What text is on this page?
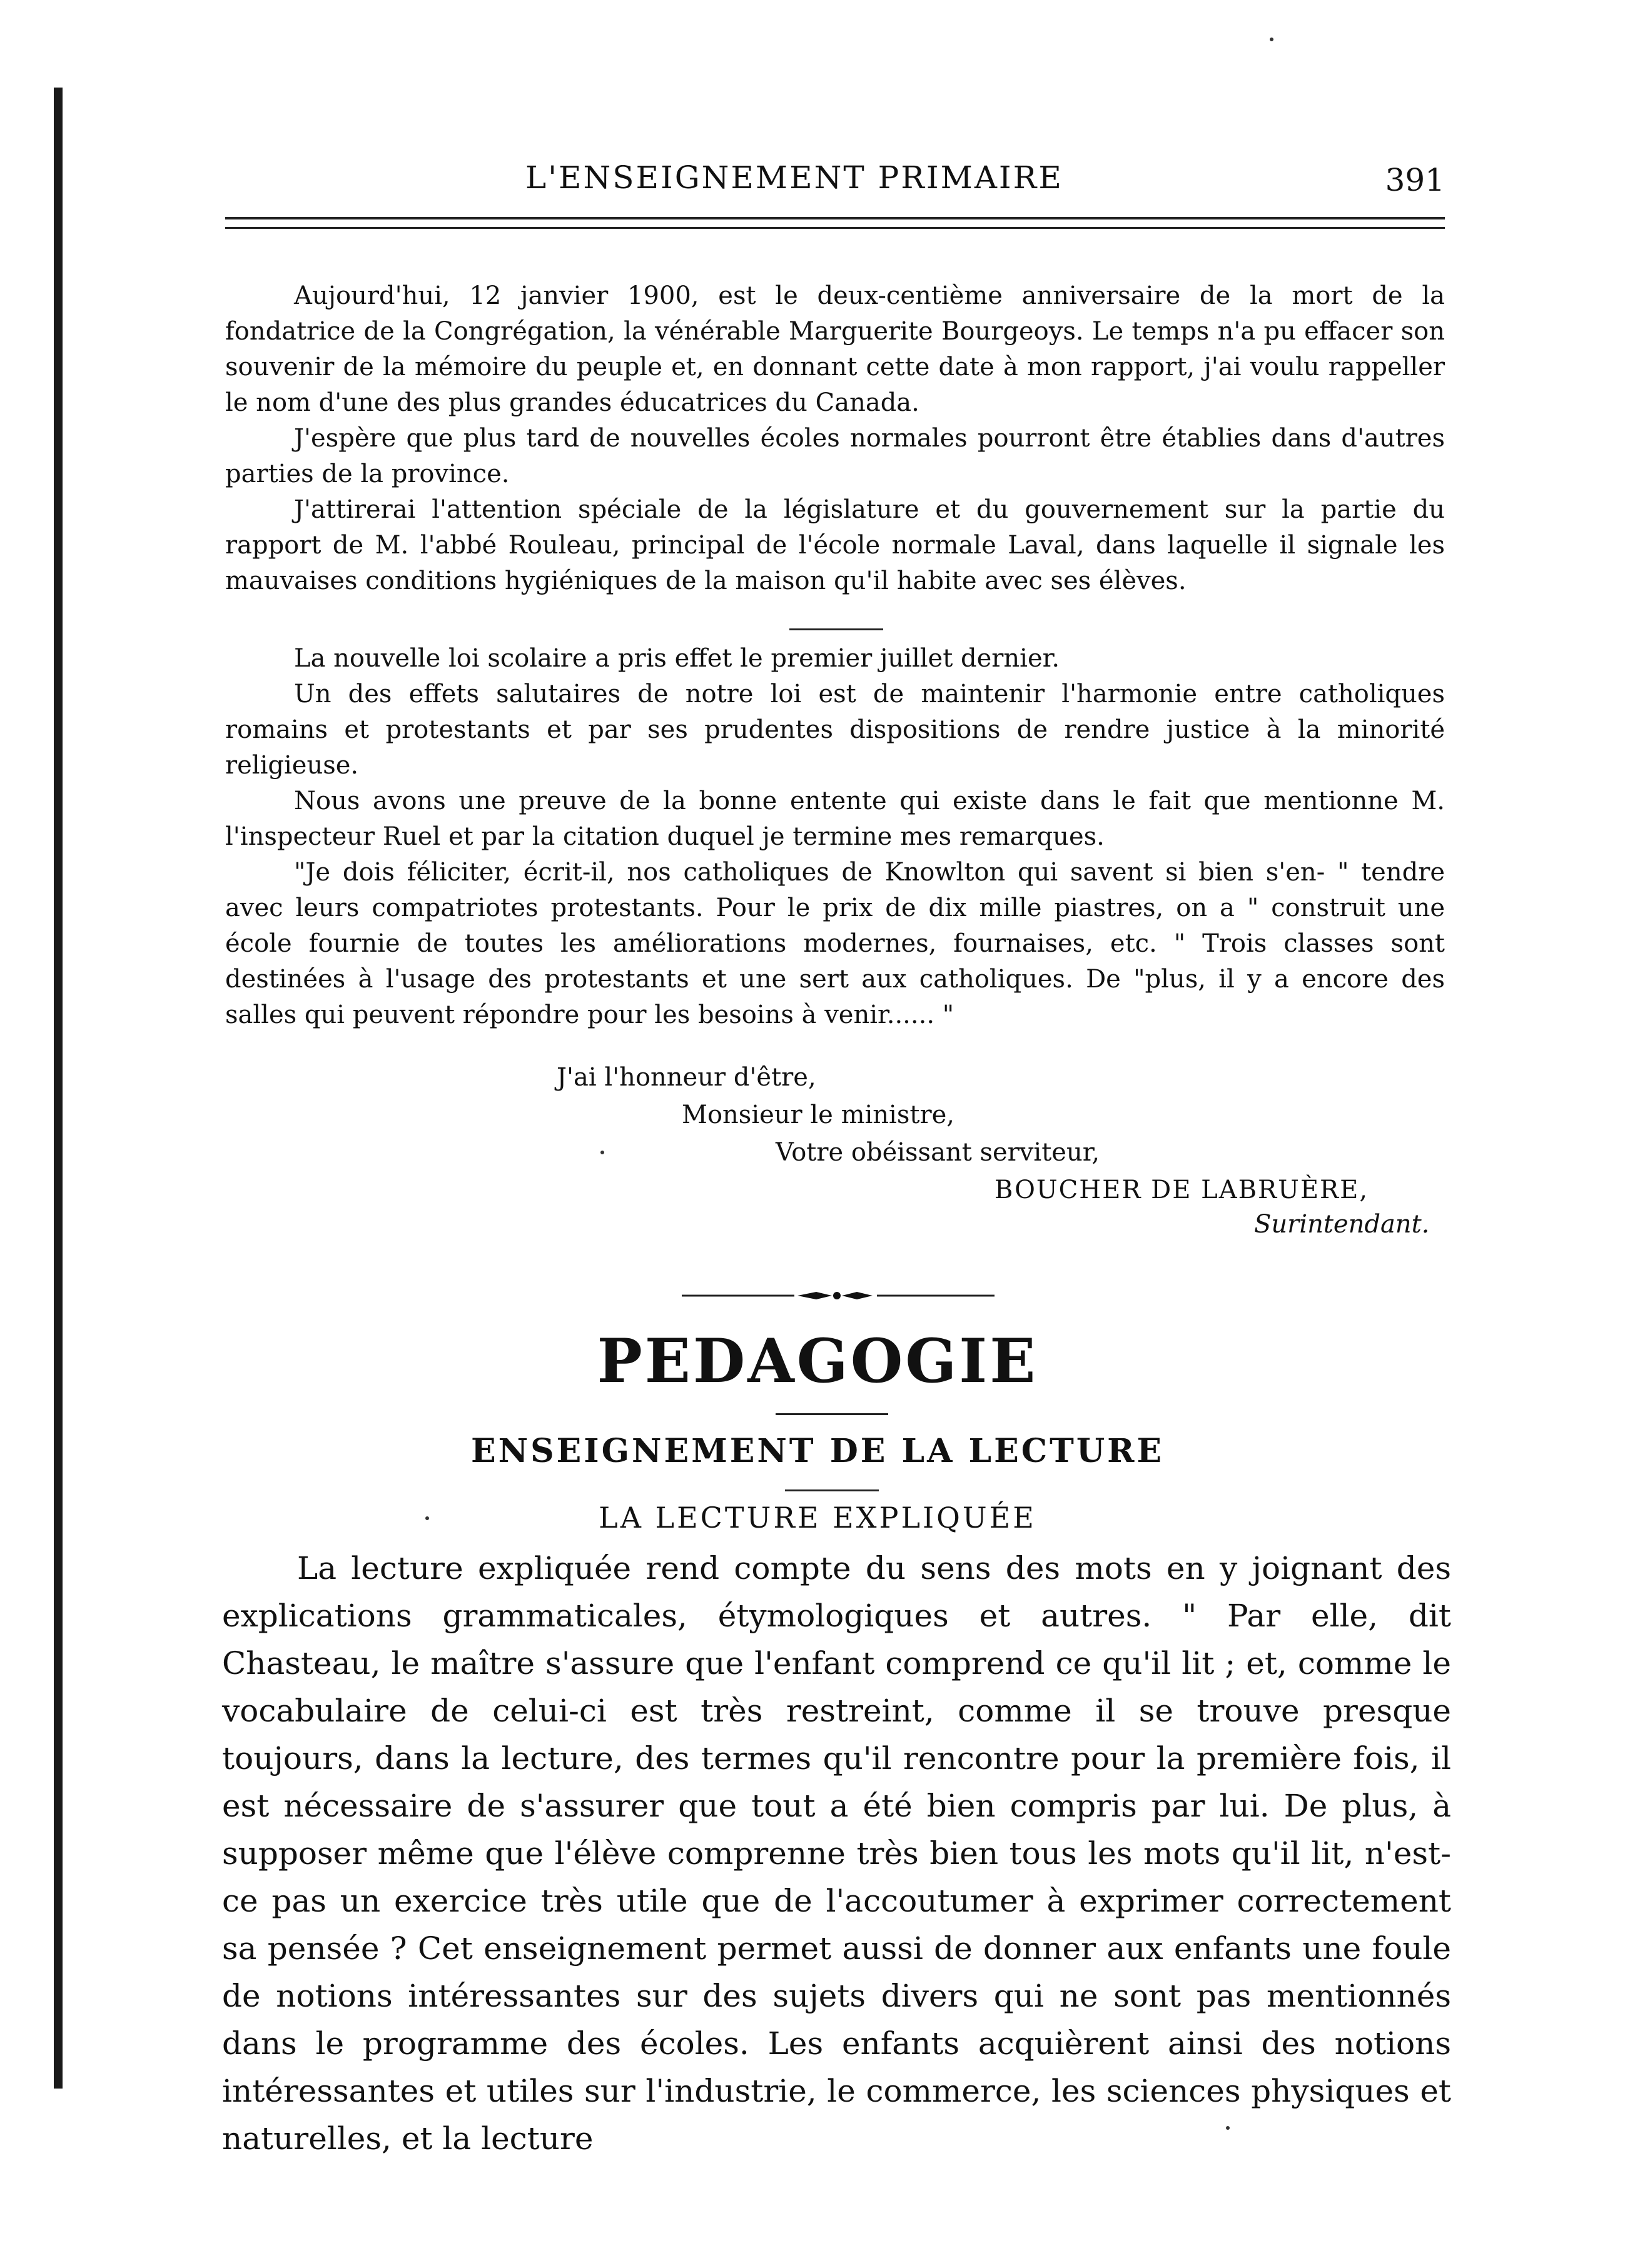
L'ENSEIGNEMENT PRIMAIRE	391

Aujourd'hui, 12 janvier 1900, est le deux-centième anniversaire de la mort de la fondatrice de la Congrégation, la vénérable Marguerite Bourgeoys. Le temps n'a pu effacer son souvenir de la mémoire du peuple et, en donnant cette date à mon rapport, j'ai voulu rappeller le nom d'une des plus grandes éducatrices du Canada.

J'espère que plus tard de nouvelles écoles normales pourront être établies dans d'autres parties de la province.

J'attirerai l'attention spéciale de la législature et du gouvernement sur la partie du rapport de M. l'abbé Rouleau, principal de l'école normale Laval, dans laquelle il signale les mauvaises conditions hygiéniques de la maison qu'il habite avec ses élèves.

La nouvelle loi scolaire a pris effet le premier juillet dernier.

Un des effets salutaires de notre loi est de maintenir l'harmonie entre catholiques romains et protestants et par ses prudentes dispositions de rendre justice à la minorité religieuse.

Nous avons une preuve de la bonne entente qui existe dans le fait que mentionne M. l'inspecteur Ruel et par la citation duquel je termine mes remarques.

"Je dois féliciter, écrit-il, nos catholiques de Knowlton qui savent si bien s'en- " tendre avec leurs compatriotes protestants. Pour le prix de dix mille piastres, on a " construit une école fournie de toutes les améliorations modernes, fournaises, etc. " Trois classes sont destinées à l'usage des protestants et une sert aux catholiques. De "plus, il y a encore des salles qui peuvent répondre pour les besoins à venir...... "

J'ai l'honneur d'être,
Monsieur le ministre,
Votre obéissant serviteur,
BOUCHER DE LABRUÈRE,
Surintendant.
PEDAGOGIE
ENSEIGNEMENT DE LA LECTURE
LA LECTURE EXPLIQUÉE

La lecture expliquée rend compte du sens des mots en y joignant des explications grammaticales, étymologiques et autres. " Par elle, dit Chasteau, le maître s'assure que l'enfant comprend ce qu'il lit ; et, comme le vocabulaire de celui-ci est très restreint, comme il se trouve presque toujours, dans la lecture, des termes qu'il rencontre pour la première fois, il est nécessaire de s'assurer que tout a été bien compris par lui. De plus, à supposer même que l'élève comprenne très bien tous les mots qu'il lit, n'est-ce pas un exercice très utile que de l'accoutumer à exprimer correctement sa pensée ? Cet enseignement permet aussi de donner aux enfants une foule de notions intéressantes sur des sujets divers qui ne sont pas mentionnés dans le programme des écoles. Les enfants acquièrent ainsi des notions intéressantes et utiles sur l'industrie, le commerce, les sciences physiques et naturelles, et la lecture
